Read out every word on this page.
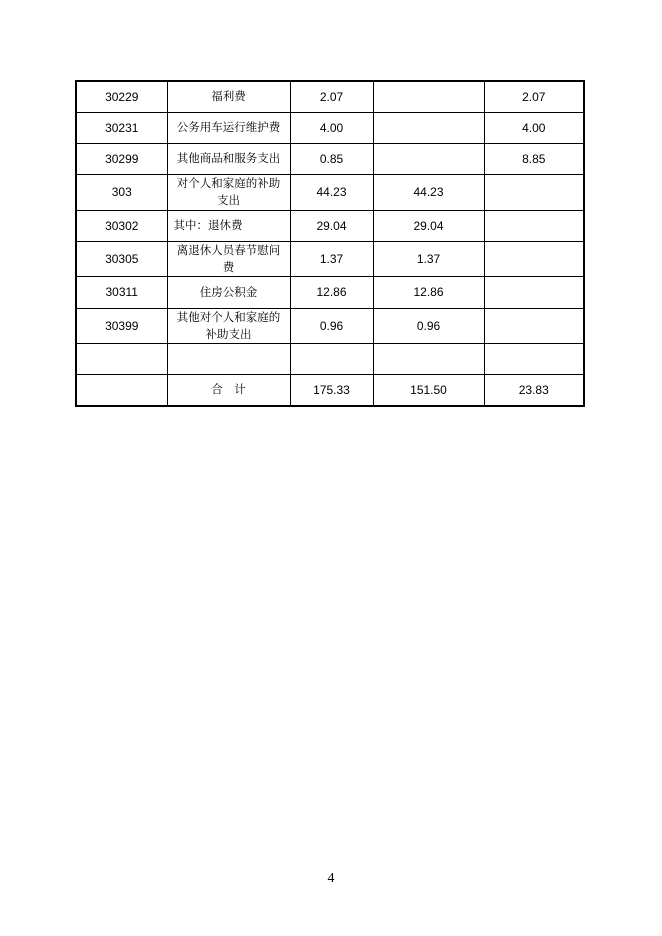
30229	福利费	2.07		2.07
30231	公务用车运行维护费	4.00		4.00
30299	其他商品和服务支出	0.85		8.85
303	对个人和家庭的补助支出	44.23	44.23	
30302	其中：退休费	29.04	29.04	
30305	离退休人员春节慰问费	1.37	1.37	
30311	住房公积金	12.86	12.86	
30399	其他对个人和家庭的补助支出	0.96	0.96	

	合　计	175.33	151.50	23.83
4
